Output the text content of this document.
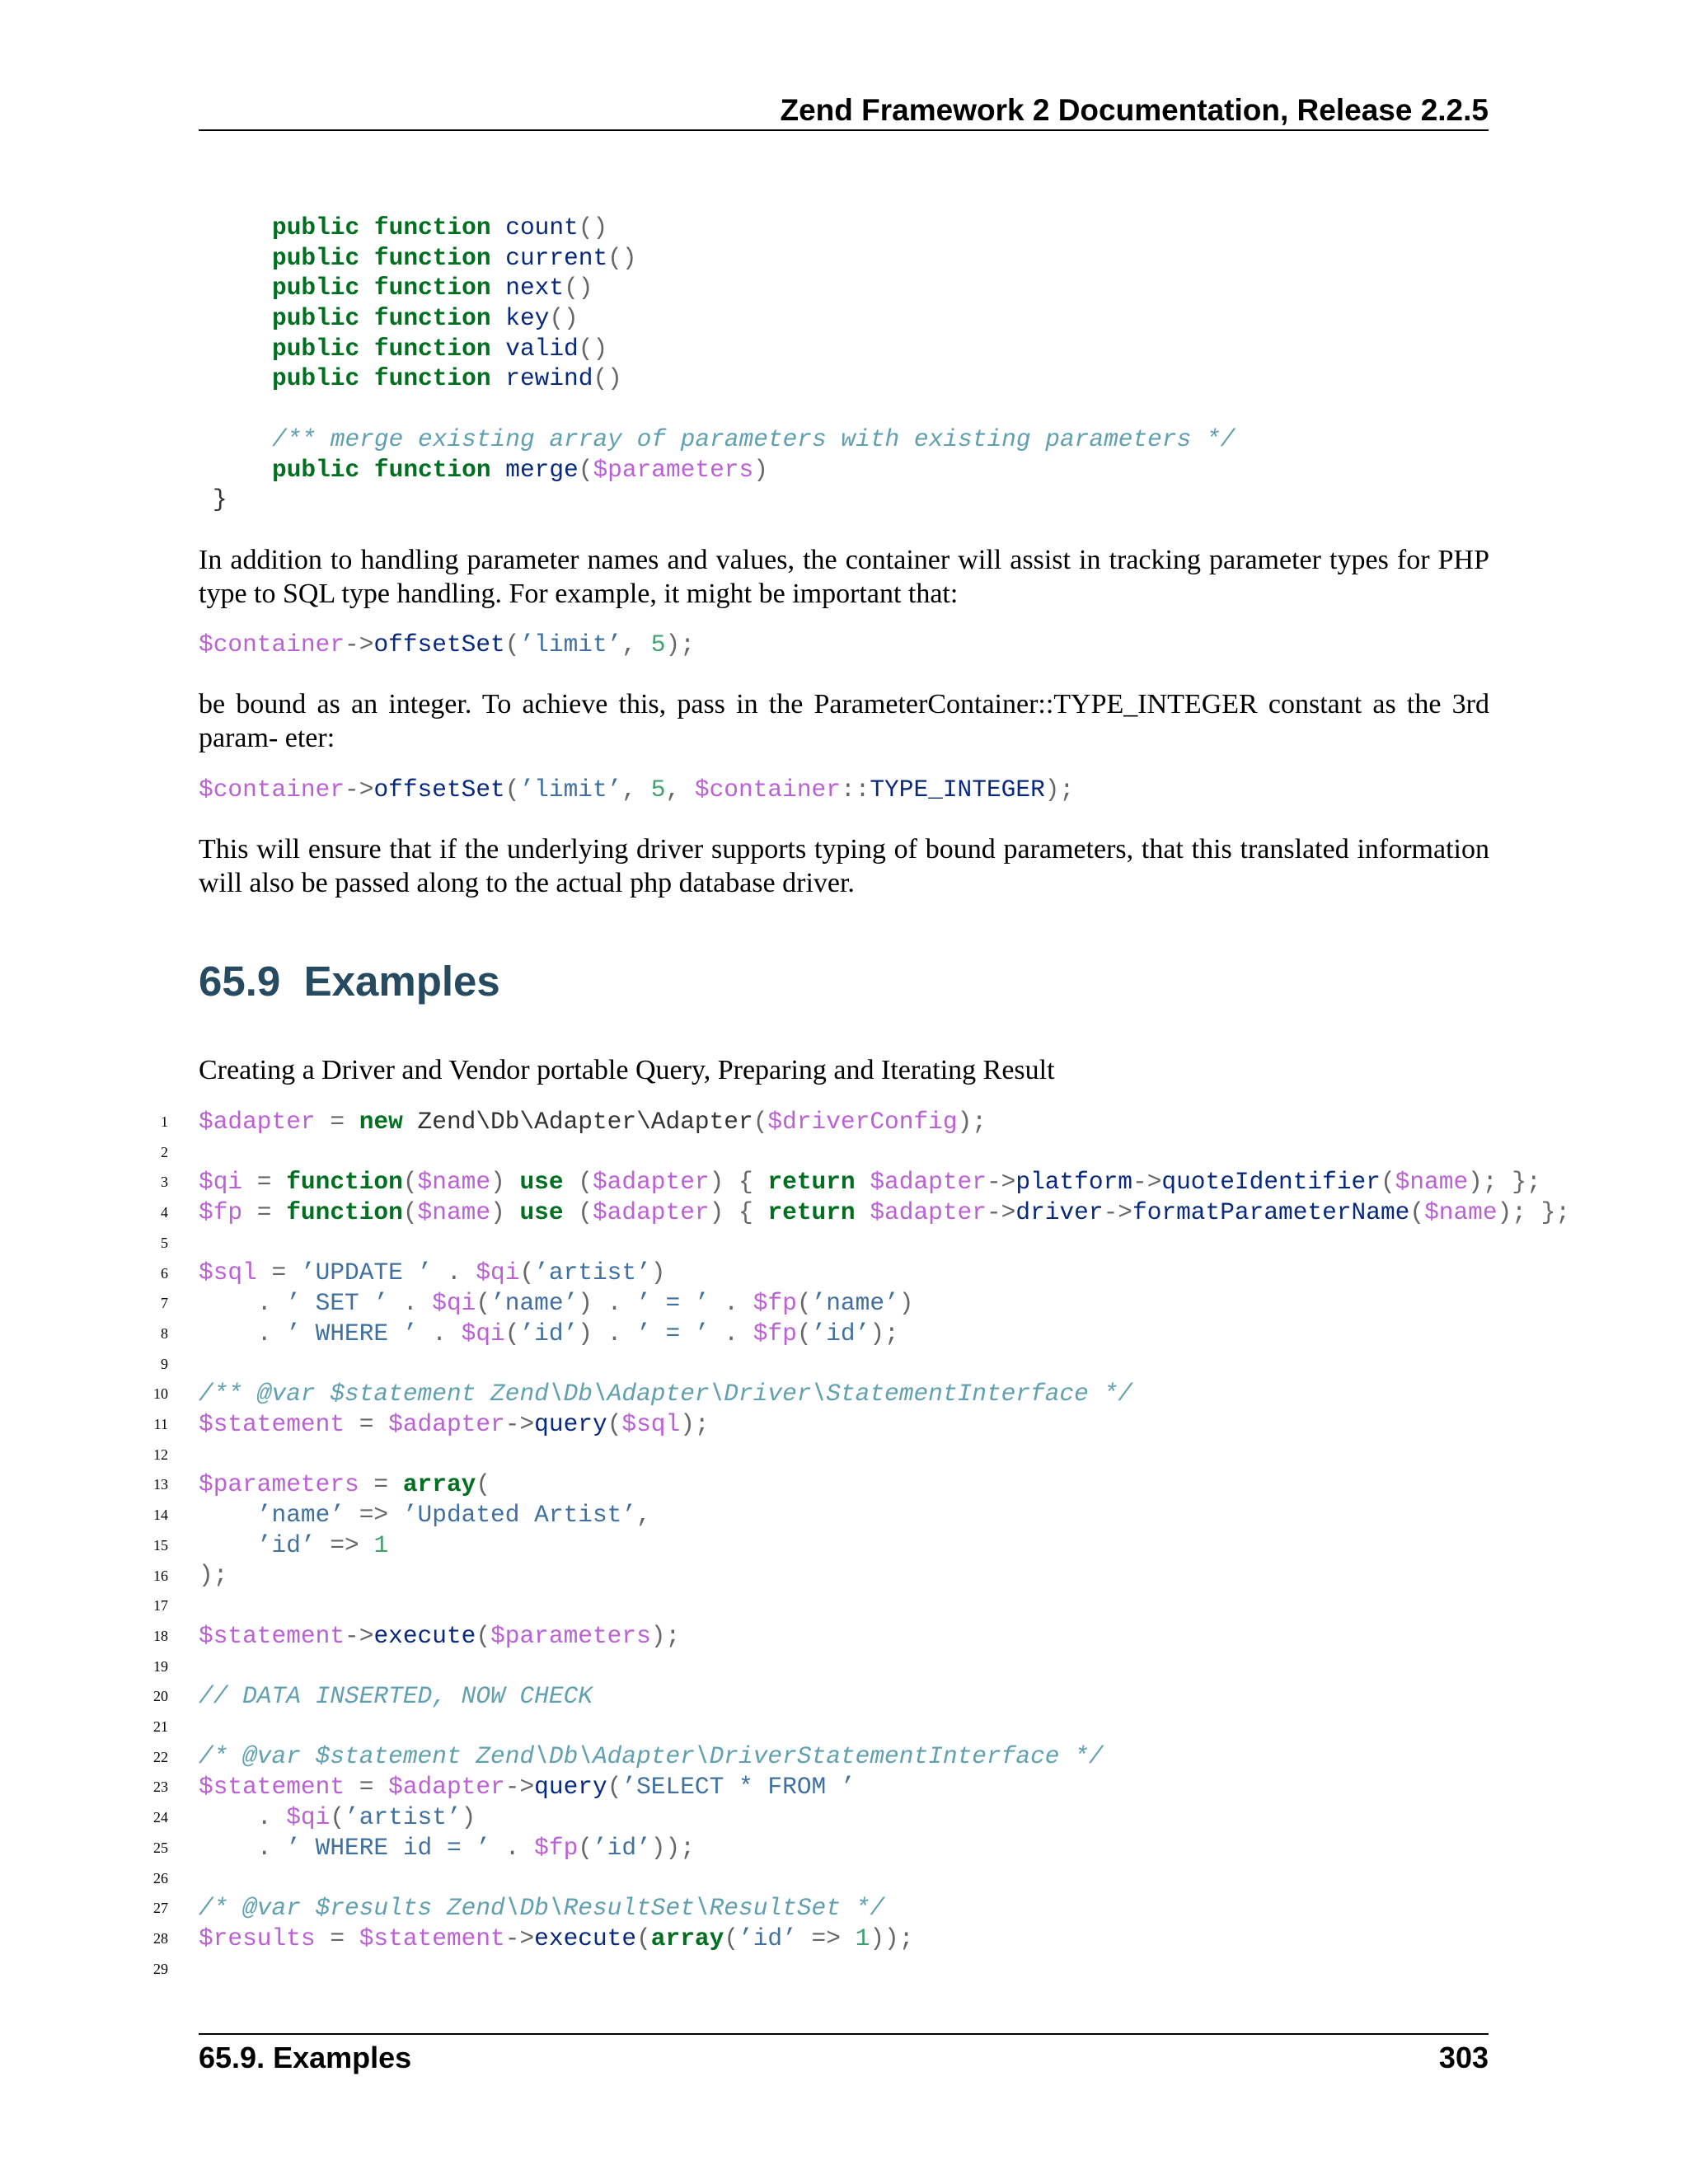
Zend Framework 2 Documentation, Release 2.2.5
public function count()
public function current()
public function next()
public function key()
public function valid()
public function rewind()
/** merge existing array of parameters with existing parameters */
public function merge($parameters)
}
In addition to handling parameter names and values, the container will assist in tracking parameter types for PHP type to SQL type handling. For example, it might be important that:
$container->offsetSet(’limit’, 5);
be bound as an integer. To achieve this, pass in the ParameterContainer::TYPE_INTEGER constant as the 3rd param- eter:
$container->offsetSet(’limit’, 5, $container::TYPE_INTEGER);
This will ensure that if the underlying driver supports typing of bound parameters, that this translated information will also be passed along to the actual php database driver.
65.9 Examples
Creating a Driver and Vendor portable Query, Preparing and Iterating Result
1
2
3
4
5
6
7
8
9
10
11
12
13
14
15
16
17
18
19
20
21
22
23
24
25
26
27
28
29
$adapter = new Zend\Db\Adapter\Adapter($driverConfig);
$qi = function($name) use ($adapter) { return $adapter->platform->quoteIdentifier($name); };
$fp = function($name) use ($adapter) { return $adapter->driver->formatParameterName($name); };
$sql = ’UPDATE ’ . $qi(’artist’)
. ’ SET ’ . $qi(’name’) . ’ = ’ . $fp(’name’)
. ’ WHERE ’ . $qi(’id’) . ’ = ’ . $fp(’id’);
/** @var $statement Zend\Db\Adapter\Driver\StatementInterface */
$statement = $adapter->query($sql);
$parameters = array(
’name’ => ’Updated Artist’,
’id’ => 1
);
$statement->execute($parameters);
// DATA INSERTED, NOW CHECK
/* @var $statement Zend\Db\Adapter\DriverStatementInterface */
$statement = $adapter->query(’SELECT * FROM ’
. $qi(’artist’)
. ’ WHERE id = ’ . $fp(’id’));
/* @var $results Zend\Db\ResultSet\ResultSet */
$results = $statement->execute(array(’id’ => 1));
65.9. Examples	303
